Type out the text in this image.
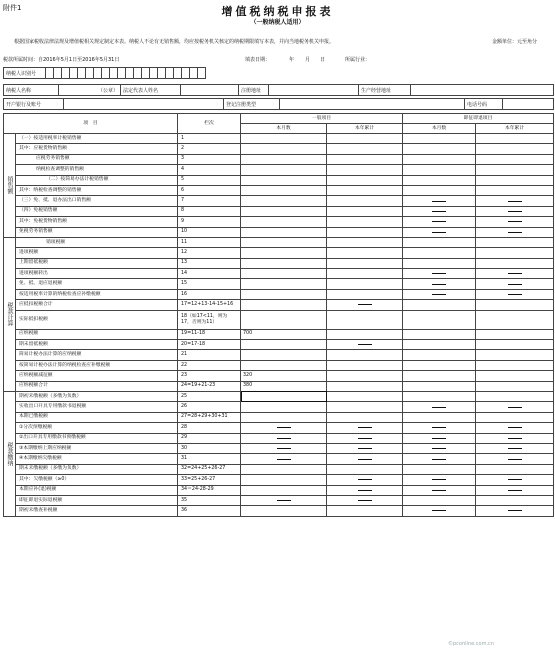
附件1	增值税纳税申报表
（一般纳税人适用）
根据国家税收法律法规及增值税相关规定制定本表。纳税人不论有无销售额，均应按税务机关核定的纳税期限填写本表，并向当地税务机关申报。	金额单位：元至角分
税款所属时间：自2016年5月1日至2016年5月31日	填表日期：	年 月 日	所属行业：
纳税人识别号																					
纳税人名称	（公章）	法定代表人姓名		注册地址		生产经营地址	
开户银行及账号		登记注册类型		电话号码	
项　目		栏次	一般项目		即征即退项目	
			本月数	本年累计	本月数	本年累计
销售额	（一）按适用税率计税销售额	1				
	其中：应税货物销售额	2				
	应税劳务销售额	3				
	纳税检查调整的销售额	4				
	（二）按简易办法计税销售额	5				
	其中：纳税检查调整的销售额	6				
	（三）免、抵、退办法出口销售额	7			

	（四）免税销售额	8			

	其中：免税货物销售额	9			

	免税劳务销售额	10			

税款计算	销项税额	11				
	进项税额	12				
	上期留抵税额	13				
	进项税额转出	14			

	免、抵、退应退税额	15			

	按适用税率计算的纳税检查应补缴税额	16			

	应抵扣税额合计	17=12+13-14-15+16		

	实际抵扣税额	18（如17<11，则为17，否则为11）				
	应纳税额	19=11-18	700			
	期末留抵税额	20=17-18		

	简易计税办法计算的应纳税额	21				
	按简易计税办法计算的纳税检查应补缴税额	22				
	应纳税额减征额	23	320			
	应纳税额合计	24=19+21-23	380			
税款缴纳	期初未缴税额（多缴为负数）	25				
	实收出口开具专用缴款书退税额	26			

	本期已缴税额	27=28+29+30+31				
	①分次预缴税额	28	

	②出口开具专用缴款书预缴税额	29	

	③本期缴纳上期应纳税额	30	

	④本期缴纳欠缴税额	31	

	期末未缴税额（多缴为负数）	32=24+25+26-27				
	其中：欠缴税额（≥0）	33=25+26-27		

	本期应补(退)税额	34＝24-28-29		

	即征即退实际退税额	35	

	期初未缴查补税额	36			

©pconline.com.cn
